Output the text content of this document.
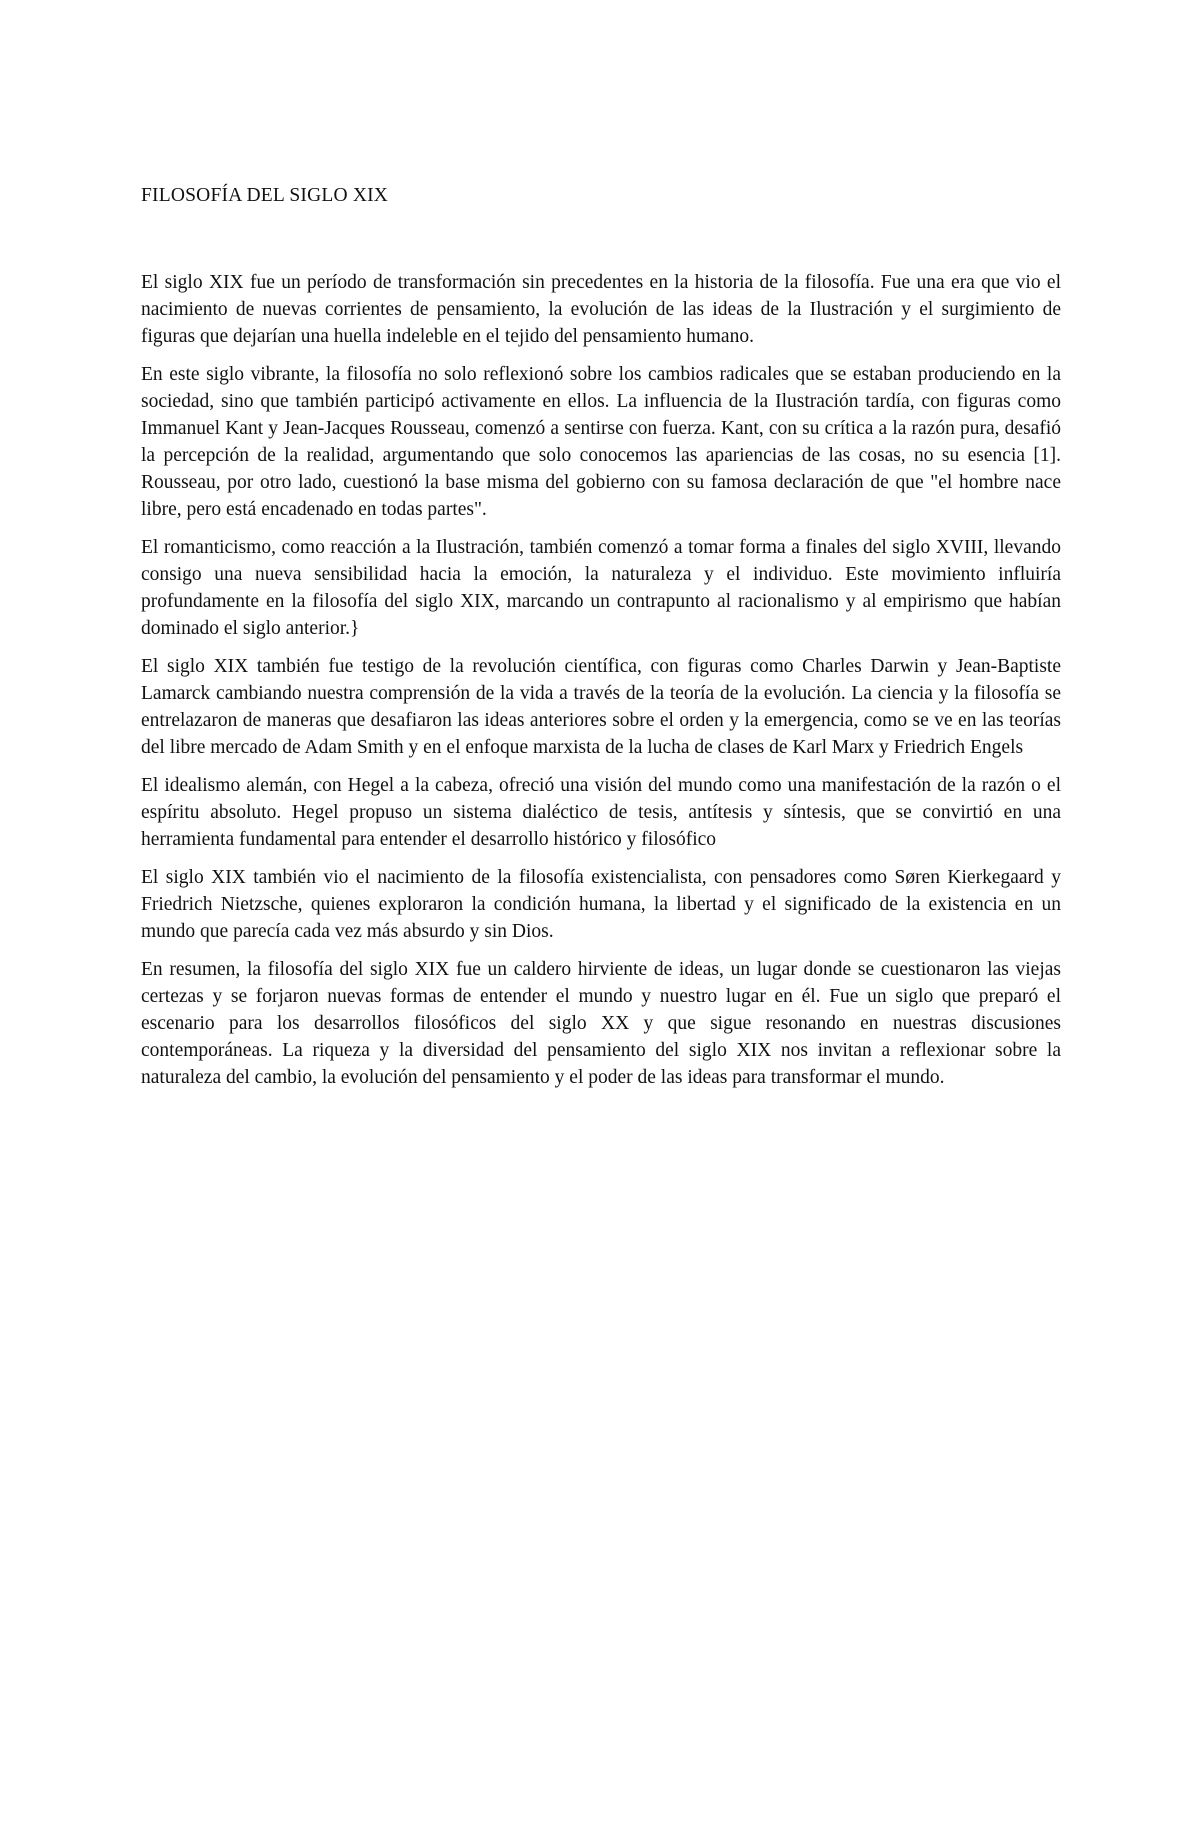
FILOSOFÍA DEL SIGLO XIX

El siglo XIX fue un período de transformación sin precedentes en la historia de la filosofía. Fue una era que vio el nacimiento de nuevas corrientes de pensamiento, la evolución de las ideas de la Ilustración y el surgimiento de figuras que dejarían una huella indeleble en el tejido del pensamiento humano.

En este siglo vibrante, la filosofía no solo reflexionó sobre los cambios radicales que se estaban produciendo en la sociedad, sino que también participó activamente en ellos. La influencia de la Ilustración tardía, con figuras como Immanuel Kant y Jean-Jacques Rousseau, comenzó a sentirse con fuerza. Kant, con su crítica a la razón pura, desafió la percepción de la realidad, argumentando que solo conocemos las apariencias de las cosas, no su esencia [1]. Rousseau, por otro lado, cuestionó la base misma del gobierno con su famosa declaración de que "el hombre nace libre, pero está encadenado en todas partes".

El romanticismo, como reacción a la Ilustración, también comenzó a tomar forma a finales del siglo XVIII, llevando consigo una nueva sensibilidad hacia la emoción, la naturaleza y el individuo. Este movimiento influiría profundamente en la filosofía del siglo XIX, marcando un contrapunto al racionalismo y al empirismo que habían dominado el siglo anterior.}

El siglo XIX también fue testigo de la revolución científica, con figuras como Charles Darwin y Jean-Baptiste Lamarck cambiando nuestra comprensión de la vida a través de la teoría de la evolución. La ciencia y la filosofía se entrelazaron de maneras que desafiaron las ideas anteriores sobre el orden y la emergencia, como se ve en las teorías del libre mercado de Adam Smith y en el enfoque marxista de la lucha de clases de Karl Marx y Friedrich Engels

El idealismo alemán, con Hegel a la cabeza, ofreció una visión del mundo como una manifestación de la razón o el espíritu absoluto. Hegel propuso un sistema dialéctico de tesis, antítesis y síntesis, que se convirtió en una herramienta fundamental para entender el desarrollo histórico y filosófico

El siglo XIX también vio el nacimiento de la filosofía existencialista, con pensadores como Søren Kierkegaard y Friedrich Nietzsche, quienes exploraron la condición humana, la libertad y el significado de la existencia en un mundo que parecía cada vez más absurdo y sin Dios.

En resumen, la filosofía del siglo XIX fue un caldero hirviente de ideas, un lugar donde se cuestionaron las viejas certezas y se forjaron nuevas formas de entender el mundo y nuestro lugar en él. Fue un siglo que preparó el escenario para los desarrollos filosóficos del siglo XX y que sigue resonando en nuestras discusiones contemporáneas. La riqueza y la diversidad del pensamiento del siglo XIX nos invitan a reflexionar sobre la naturaleza del cambio, la evolución del pensamiento y el poder de las ideas para transformar el mundo.
